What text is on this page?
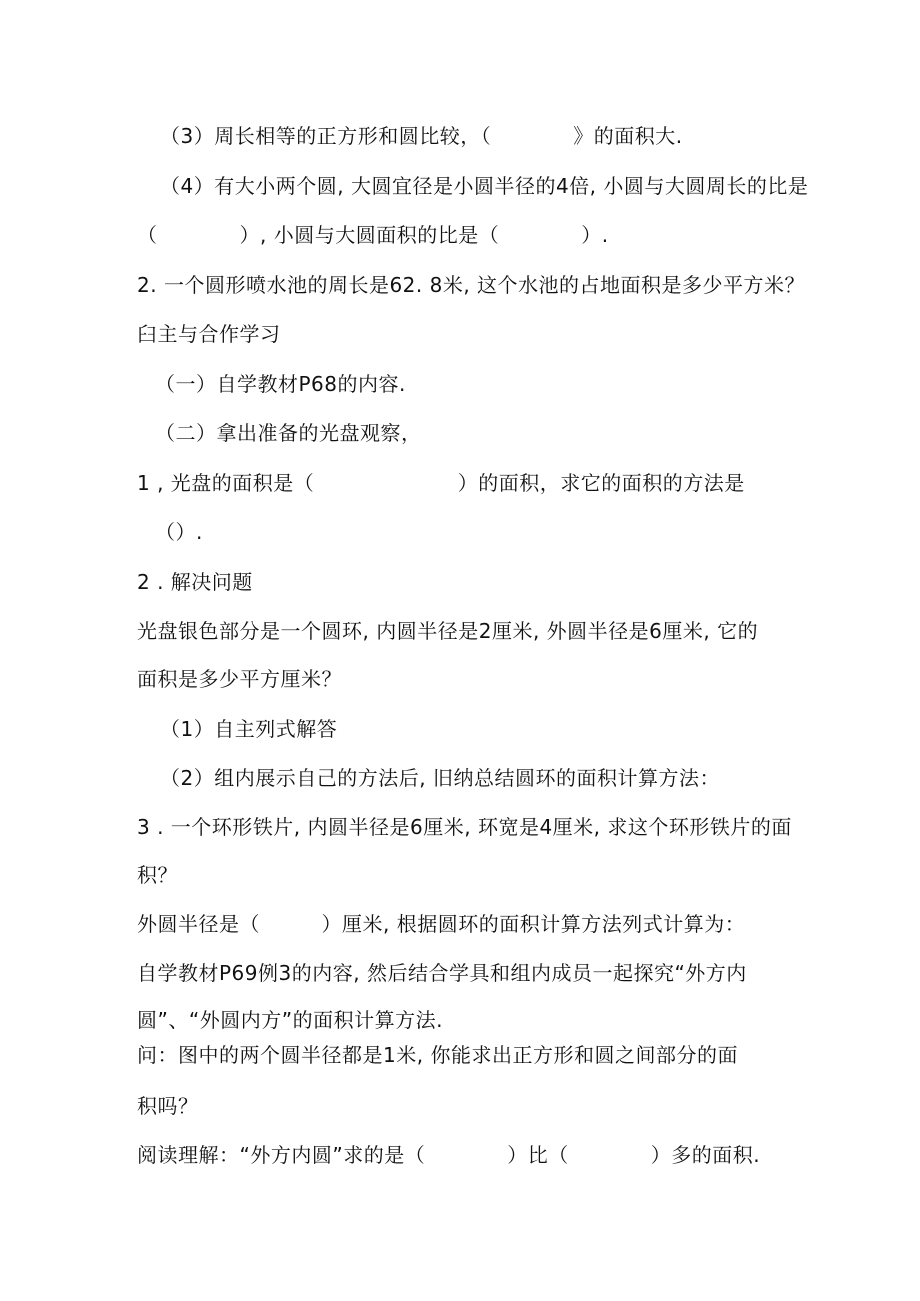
（3）周长相等的正方形和圆比较，（　　　　》的面积大.
（4）有大小两个圆, 大圆宜径是小圆半径的4倍, 小圆与大圆周长的比是
（　　　　）, 小圆与大圆面积的比是（　　　　）.
2. 一个圆形喷水池的周长是62. 8米, 这个水池的占地面积是多少平方米？
臼主与合作学习
（一）自学教材P68的内容.
（二）拿出准备的光盘观察，
1 , 光盘的面积是（　　　　　　　）的面积，求它的面积的方法是
（）.
2 . 解决问题
光盘银色部分是一个圆环, 内圆半径是2厘米, 外圆半径是6厘米, 它的
面积是多少平方厘米？
（1）自主列式解答
（2）组内展示自己的方法后, 旧纳总结圆环的面积计算方法：
3 . 一个环形铁片, 内圆半径是6厘米, 环宽是4厘米, 求这个环形铁片的面
积？
外圆半径是（　　　）厘米, 根据圆环的面积计算方法列式计算为：
自学教材P69例3的内容, 然后结合学具和组内成员一起探究“外方内
圆”、“外圆内方”的面积计算方法.
问：图中的两个圆半径都是1米, 你能求出正方形和圆之间部分的面
积吗？
阅读理解：“外方内圆”求的是（　　　　）比（　　　　）多的面积.
